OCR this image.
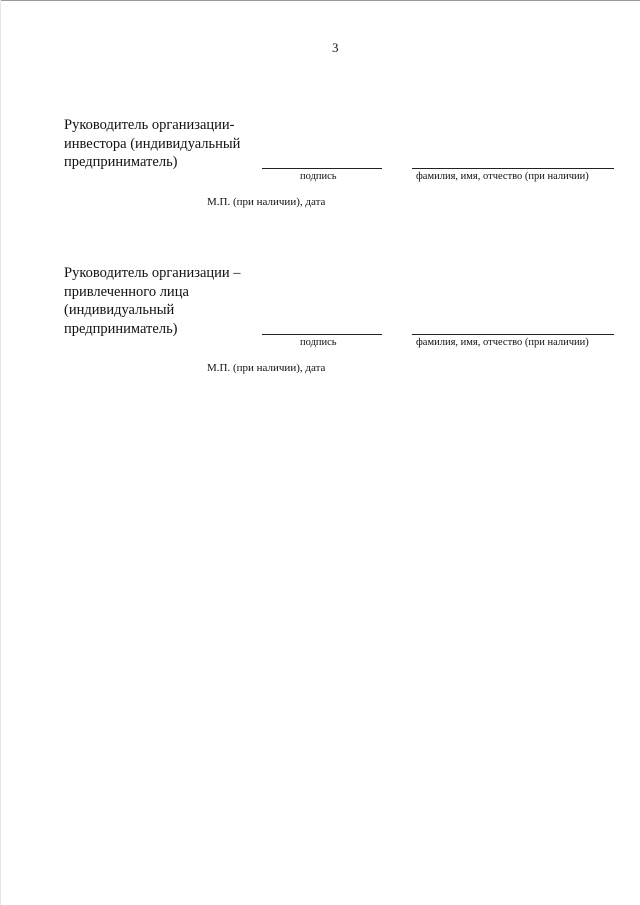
3
Руководитель организации-
инвестора (индивидуальный
предприниматель)
подпись	фамилия, имя, отчество (при наличии)
М.П. (при наличии), дата
Руководитель организации –
привлеченного лица
(индивидуальный
предприниматель)
подпись	фамилия, имя, отчество (при наличии)
М.П. (при наличии), дата
